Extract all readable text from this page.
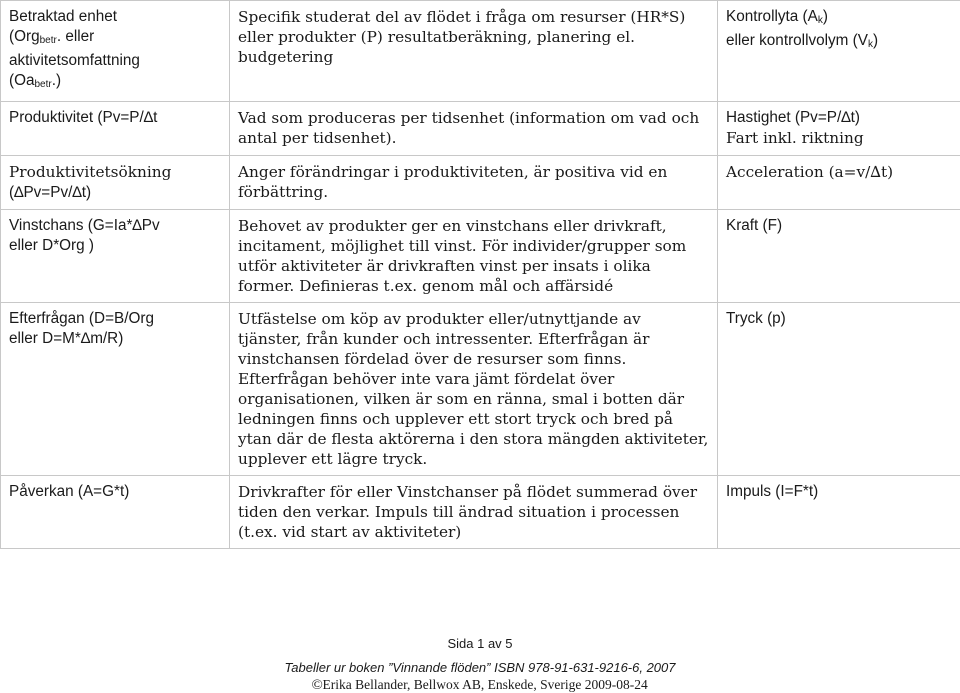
Betraktad enhet
(Org$_{betr}$. eller
aktivitetsomfattning
$(Oa_{betr}.)$	Specifik studerat del av flödet i fråga om resurser (HR*S) eller produkter (P) resultatberäkning, planering el. budgetering	Kontrollyta $(A_k)$
eller kontrollvolym $(V_k)$
Produktivitet (Pv=P/∆t	Vad som produceras per tidsenhet (information om vad och antal per tidsenhet).	Hastighet (Pv=P/∆t)
Fart inkl. riktning
Produktivitetsökning
(∆Pv=Pv/∆t)	Anger förändringar i produktiviteten, är positiva vid en förbättring.	Acceleration (a=v/∆t)
Vinstchans (G=Ia*∆Pv
eller D*Org )	Behovet av produkter ger en vinstchans eller drivkraft, incitament, möjlighet till vinst. För individer/grupper som utför aktiviteter är drivkraften vinst per insats i olika former. Definieras t.ex. genom mål och affärsidé	Kraft (F)
Efterfrågan (D=B/Org
eller D=M*∆m/R)	Utfästelse om köp av produkter eller/utnyttjande av tjänster, från kunder och intressenter. Efterfrågan är vinstchansen fördelad över de resurser som finns. Efterfrågan behöver inte vara jämt fördelat över organisationen, vilken är som en ränna, smal i botten där ledningen finns och upplever ett stort tryck och bred på ytan där de flesta aktörerna i den stora mängden aktiviteter, upplever ett lägre tryck.	Tryck (p)
Påverkan (A=G*t)	Drivkrafter för eller Vinstchanser på flödet summerad över tiden den verkar. Impuls till ändrad situation i processen (t.ex. vid start av aktiviteter)	Impuls (I=F*t)
Sida 1 av 5
Tabeller ur boken ”Vinnande flöden” ISBN 978-91-631-9216-6, 2007
©Erika Bellander, Bellwox AB, Enskede, Sverige 2009-08-24
